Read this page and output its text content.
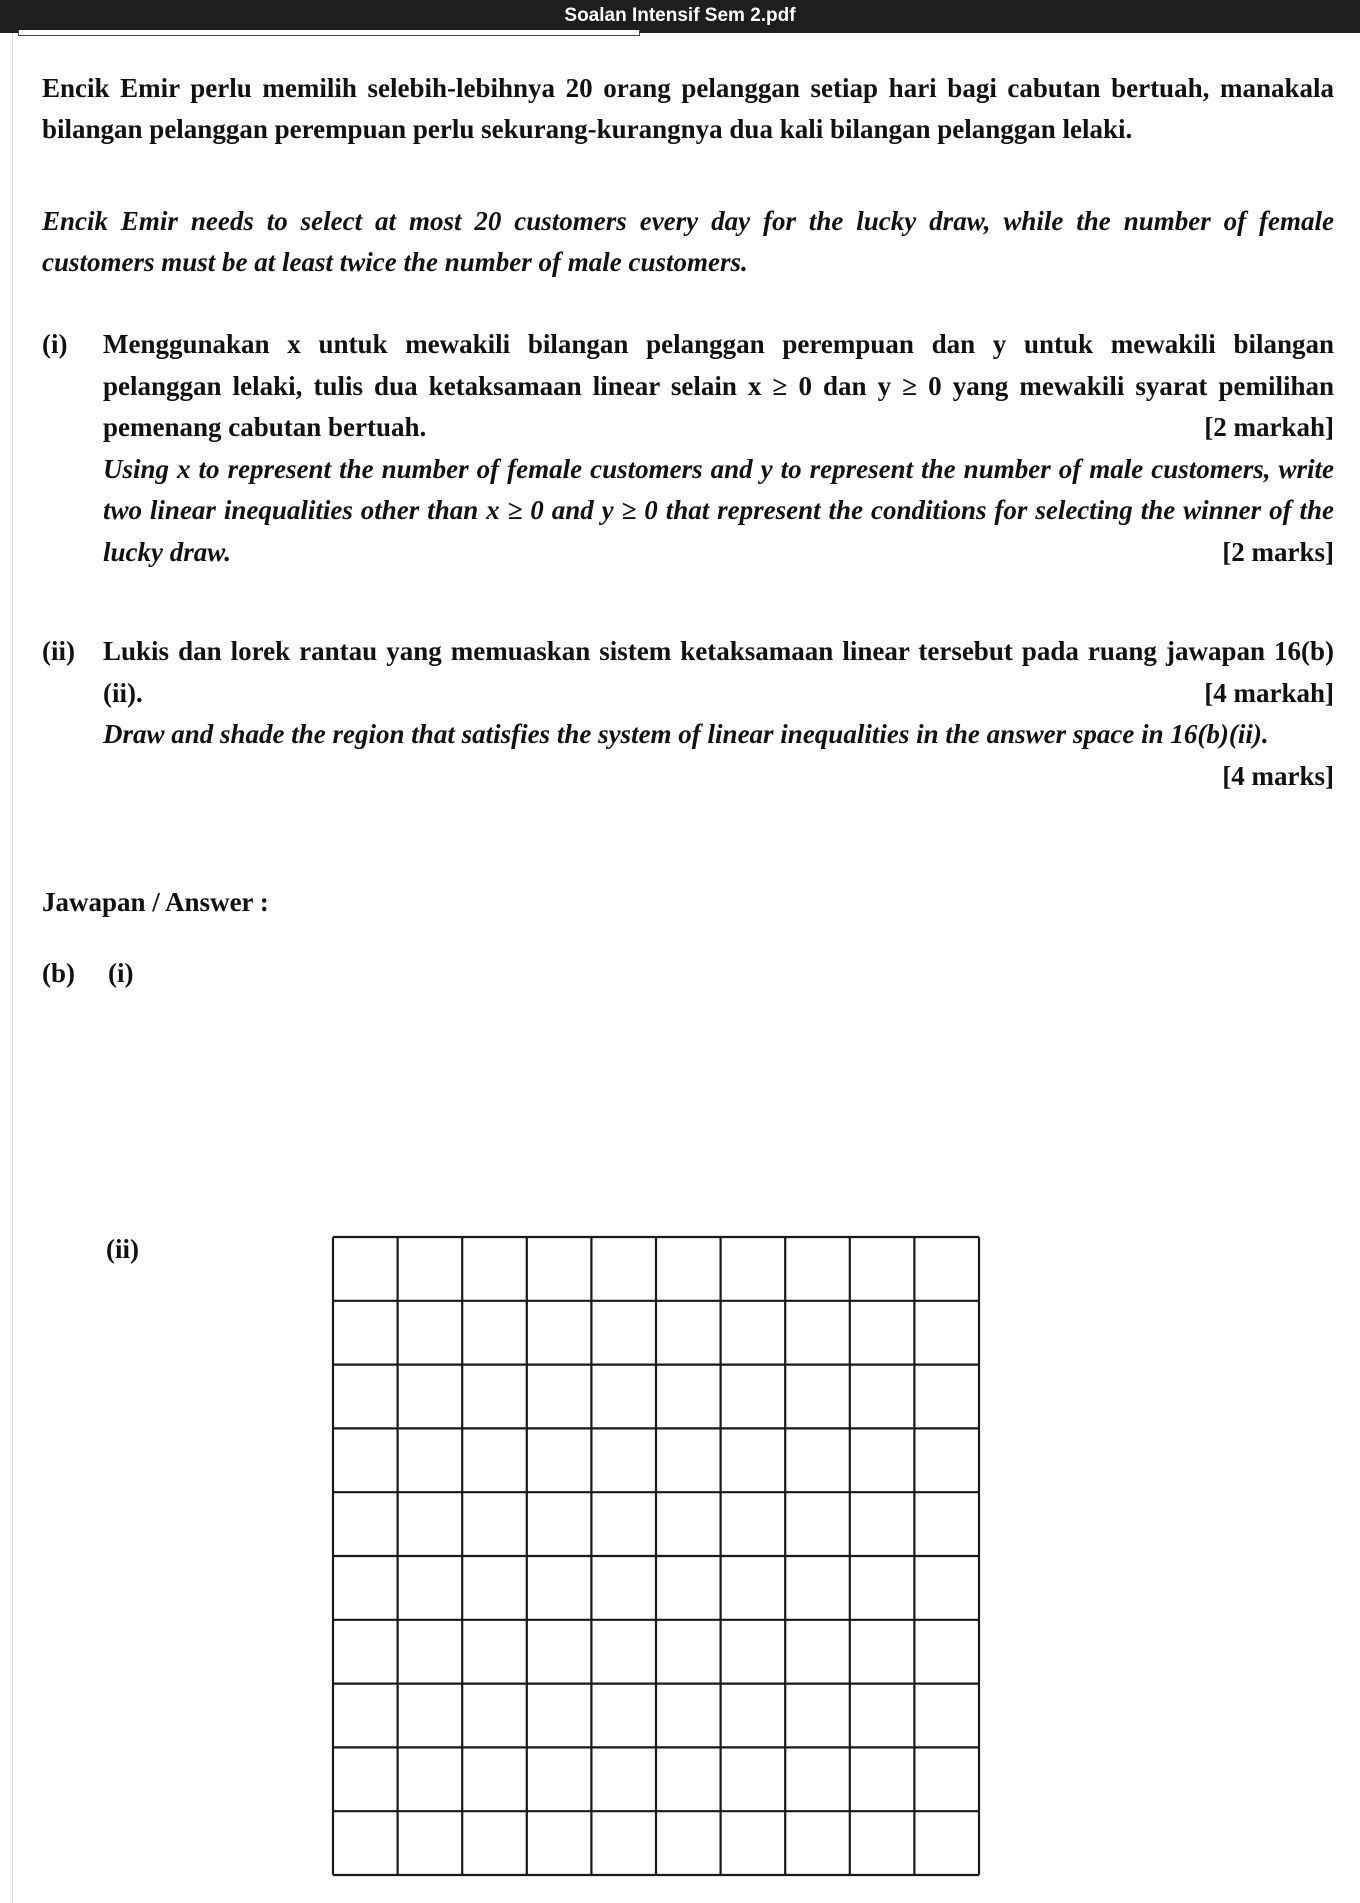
Soalan Intensif Sem 2.pdf
Encik Emir perlu memilih selebih-lebihnya 20 orang pelanggan setiap hari bagi cabutan bertuah, manakala bilangan pelanggan perempuan perlu sekurang-kurangnya dua kali bilangan pelanggan lelaki.
Encik Emir needs to select at most 20 customers every day for the lucky draw, while the number of female customers must be at least twice the number of male customers.
(i) Menggunakan x untuk mewakili bilangan pelanggan perempuan dan y untuk mewakili bilangan pelanggan lelaki, tulis dua ketaksamaan linear selain x ≥ 0 dan y ≥ 0 yang mewakili syarat pemilihan pemenang cabutan bertuah.	[2 markah]
Using x to represent the number of female customers and y to represent the number of male customers, write two linear inequalities other than x ≥ 0 and y ≥ 0 that represent the conditions for selecting the winner of the lucky draw.	[2 marks]
(ii) Lukis dan lorek rantau yang memuaskan sistem ketaksamaan linear tersebut pada ruang jawapan 16(b)(ii).	[4 markah]
Draw and shade the region that satisfies the system of linear inequalities in the answer space in 16(b)(ii).
[4 marks]
Jawapan / Answer :
(b)	(i)
(ii)
